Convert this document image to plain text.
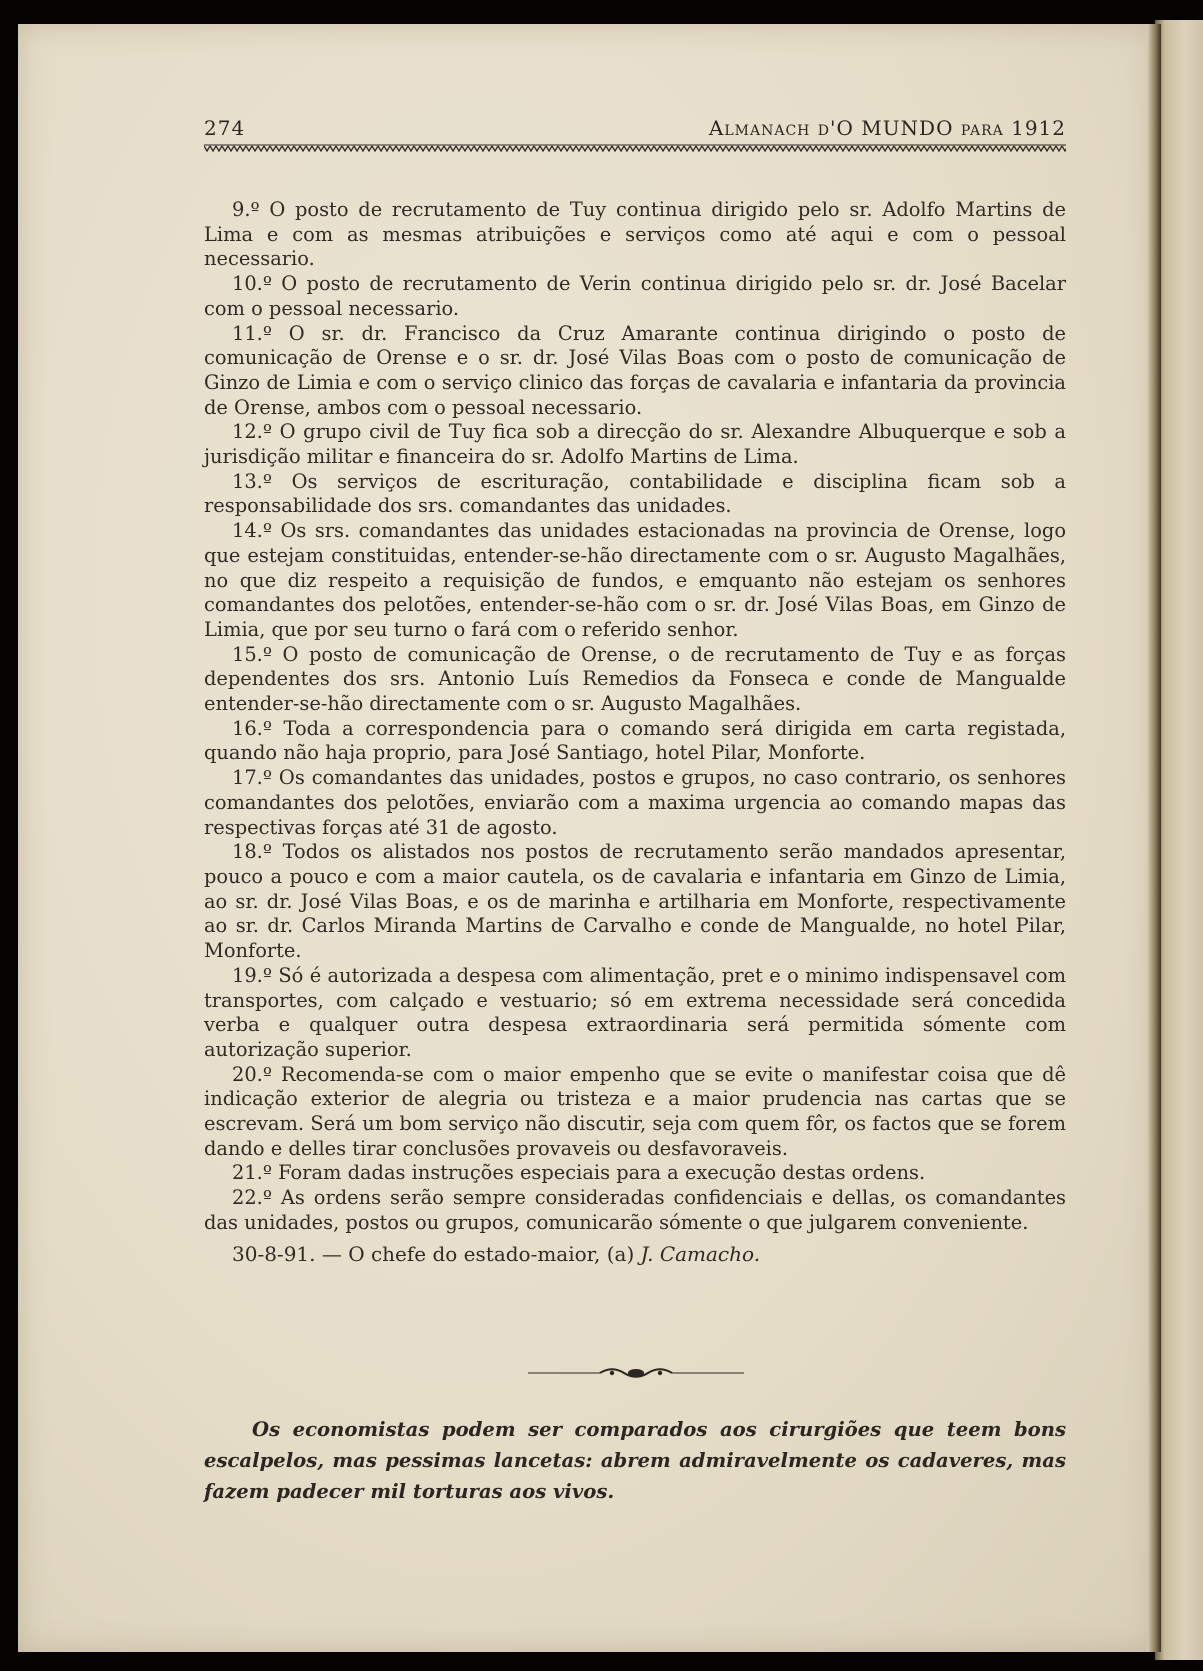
274	Almanach d'O MUNDO para 1912

9.º O posto de recrutamento de Tuy continua dirigido pelo sr. Adolfo Martins de Lima e com as mesmas atribuições e serviços como até aqui e com o pessoal necessario.

10.º O posto de recrutamento de Verin continua dirigido pelo sr. dr. José Bacelar com o pessoal necessario.

11.º O sr. dr. Francisco da Cruz Amarante continua dirigindo o posto de comunicação de Orense e o sr. dr. José Vilas Boas com o posto de comunicação de Ginzo de Limia e com o serviço clinico das forças de cavalaria e infantaria da provincia de Orense, ambos com o pessoal necessario.

12.º O grupo civil de Tuy fica sob a direcção do sr. Alexandre Albuquerque e sob a jurisdição militar e financeira do sr. Adolfo Martins de Lima.

13.º Os serviços de escrituração, contabilidade e disciplina ficam sob a responsabilidade dos srs. comandantes das unidades.

14.º Os srs. comandantes das unidades estacionadas na provincia de Orense, logo que estejam constituidas, entender-se-hão directamente com o sr. Augusto Magalhães, no que diz respeito a requisição de fundos, e emquanto não estejam os senhores comandantes dos pelotões, entender-se-hão com o sr. dr. José Vilas Boas, em Ginzo de Limia, que por seu turno o fará com o referido senhor.

15.º O posto de comunicação de Orense, o de recrutamento de Tuy e as forças dependentes dos srs. Antonio Luís Remedios da Fonseca e conde de Mangualde entender-se-hão directamente com o sr. Augusto Magalhães.

16.º Toda a correspondencia para o comando será dirigida em carta registada, quando não haja proprio, para José Santiago, hotel Pilar, Monforte.

17.º Os comandantes das unidades, postos e grupos, no caso contrario, os senhores comandantes dos pelotões, enviarão com a maxima urgencia ao comando mapas das respectivas forças até 31 de agosto.

18.º Todos os alistados nos postos de recrutamento serão mandados apresentar, pouco a pouco e com a maior cautela, os de cavalaria e infantaria em Ginzo de Limia, ao sr. dr. José Vilas Boas, e os de marinha e artilharia em Monforte, respectivamente ao sr. dr. Carlos Miranda Martins de Carvalho e conde de Mangualde, no hotel Pilar, Monforte.

19.º Só é autorizada a despesa com alimentação, pret e o minimo indispensavel com transportes, com calçado e vestuario; só em extrema necessidade será concedida verba e qualquer outra despesa extraordinaria será permitida sómente com autorização superior.

20.º Recomenda-se com o maior empenho que se evite o manifestar coisa que dê indicação exterior de alegria ou tristeza e a maior prudencia nas cartas que se escrevam. Será um bom serviço não discutir, seja com quem fôr, os factos que se forem dando e delles tirar conclusões provaveis ou desfavoraveis.

21.º Foram dadas instruções especiais para a execução destas ordens.

22.º As ordens serão sempre consideradas confidenciais e dellas, os comandantes das unidades, postos ou grupos, comunicarão sómente o que julgarem conveniente.

30-8-91. — O chefe do estado-maior, (a) J. Camacho.

Os economistas podem ser comparados aos cirurgiões que teem bons escalpelos, mas pessimas lancetas: abrem admiravelmente os cadaveres, mas fazem padecer mil torturas aos vivos.
